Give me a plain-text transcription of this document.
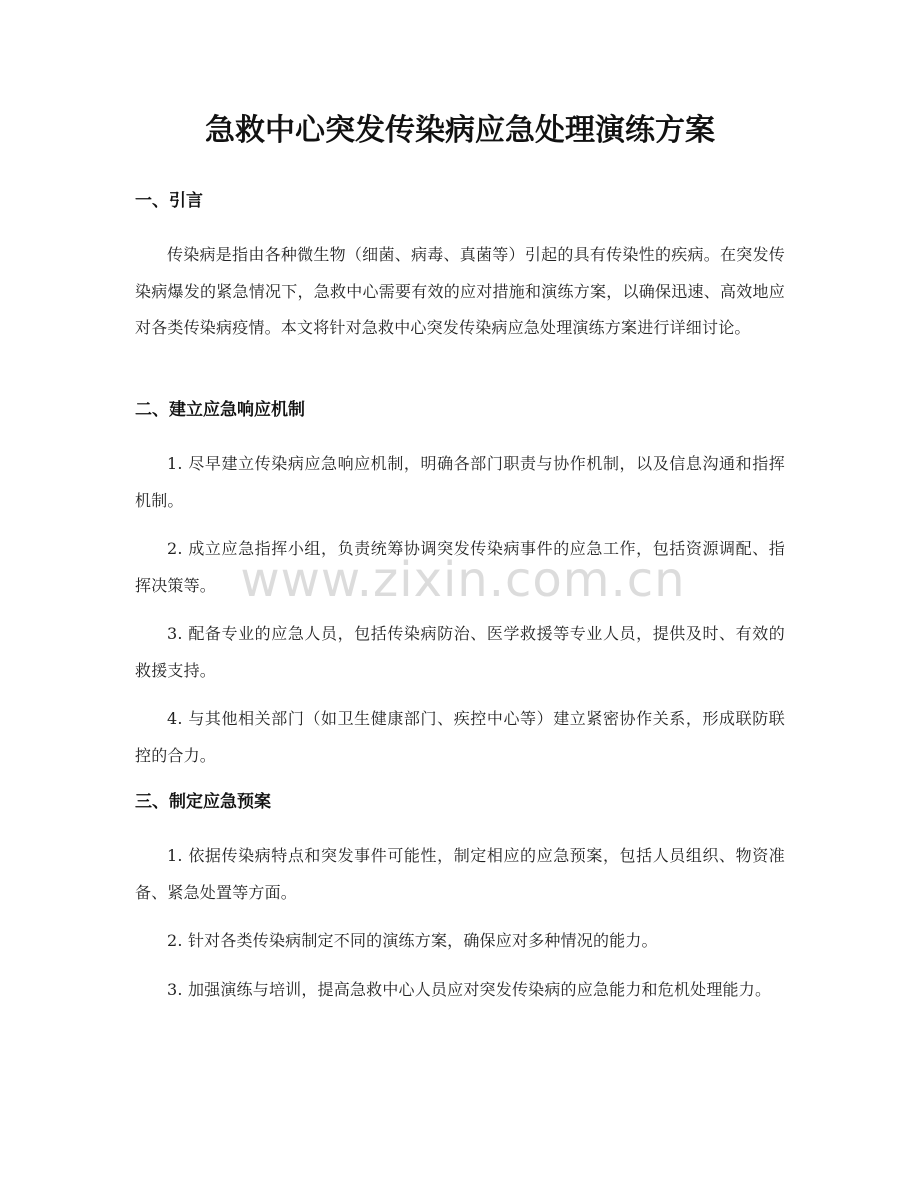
急救中心突发传染病应急处理演练方案
一、引言

传染病是指由各种微生物（细菌、病毒、真菌等）引起的具有传染性的疾病。在突发传染病爆发的紧急情况下，急救中心需要有效的应对措施和演练方案，以确保迅速、高效地应对各类传染病疫情。本文将针对急救中心突发传染病应急处理演练方案进行详细讨论。

二、建立应急响应机制

1. 尽早建立传染病应急响应机制，明确各部门职责与协作机制，以及信息沟通和指挥机制。

2. 成立应急指挥小组，负责统筹协调突发传染病事件的应急工作，包括资源调配、指挥决策等。

3. 配备专业的应急人员，包括传染病防治、医学救援等专业人员，提供及时、有效的救援支持。

4. 与其他相关部门（如卫生健康部门、疾控中心等）建立紧密协作关系，形成联防联控的合力。

三、制定应急预案

1. 依据传染病特点和突发事件可能性，制定相应的应急预案，包括人员组织、物资准备、紧急处置等方面。

2. 针对各类传染病制定不同的演练方案，确保应对多种情况的能力。

3. 加强演练与培训，提高急救中心人员应对突发传染病的应急能力和危机处理能力。

www.zixin.com.cn
